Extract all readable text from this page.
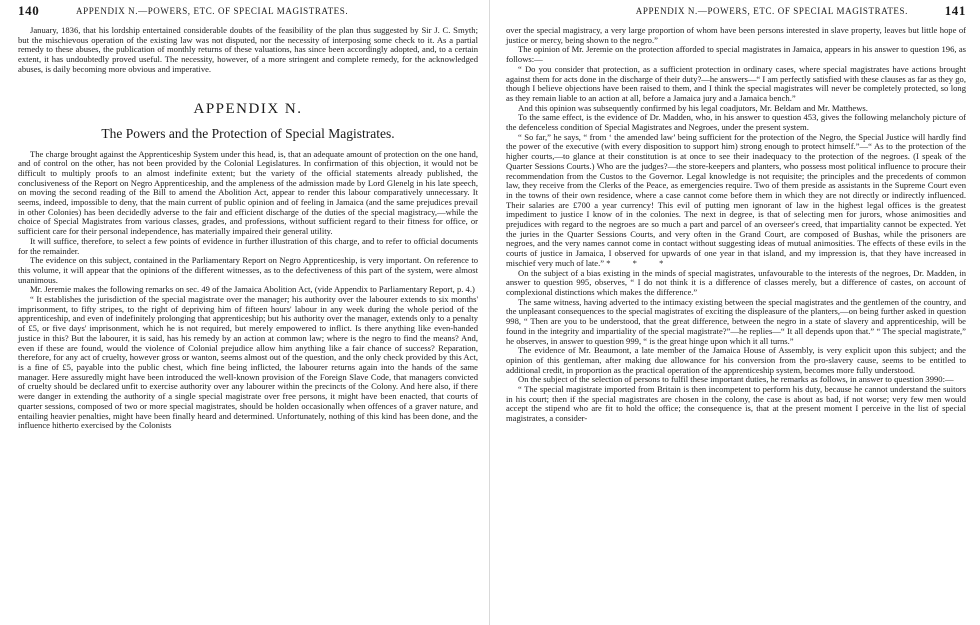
140	APPENDIX N.—POWERS, ETC. OF SPECIAL MAGISTRATES.

January, 1836, that his lordship entertained considerable doubts of the feasibility of the plan thus suggested by Sir J. C. Smyth; but the mischievous operation of the existing law was not disputed, nor the necessity of interposing some check to it. As a partial remedy to these abuses, the publication of monthly returns of these valuations, has since been accordingly adopted, and, to a certain extent, it has undoubtedly proved useful. The necessity, however, of a more stringent and complete remedy, for the acknowledged abuses, is daily becoming more obvious and imperative.

APPENDIX N.
The Powers and the Protection of Special Magistrates.

The charge brought against the Apprenticeship System under this head, is, that an adequate amount of protection on the one hand, and of control on the other, has not been provided by the Colonial Legislatures. In confirmation of this objection, it would not be difficult to multiply proofs to an almost indefinite extent; but the variety of the official statements already published, the conclusiveness of the Report on Negro Apprenticeship, and the ampleness of the admission made by Lord Glenelg in his late speech, on moving the second reading of the Bill to amend the Abolition Act, appear to render this labour comparatively unnecessary. It seems, indeed, impossible to deny, that the main current of public opinion and of feeling in Jamaica (and the same prejudices prevail in other Colonies) has been decidedly adverse to the fair and efficient discharge of the duties of the special magistracy,—while the choice of Special Magistrates from various classes, grades, and professions, without sufficient regard to their fitness for office, or sufficient care for their personal independence, has materially impaired their general utility.

It will suffice, therefore, to select a few points of evidence in further illustration of this charge, and to refer to official documents for the remainder.

The evidence on this subject, contained in the Parliamentary Report on Negro Apprenticeship, is very important. On reference to this volume, it will appear that the opinions of the different witnesses, as to the defectiveness of this part of the system, were almost unanimous.

Mr. Jeremie makes the following remarks on sec. 49 of the Jamaica Abolition Act, (vide Appendix to Parliamentary Report, p. 4.)

“ It establishes the jurisdiction of the special magistrate over the manager; his authority over the labourer extends to six months' imprisonment, to fifty stripes, to the right of depriving him of fifteen hours' labour in any week during the whole period of the apprenticeship, and even of indefinitely prolonging that apprenticeship; but his authority over the manager, extends only to a penalty of £5, or five days' imprisonment, which he is not required, but merely empowered to inflict. Is there anything like even-handed justice in this? But the labourer, it is said, has his remedy by an action at common law; where is the negro to find the means? And, even if these are found, would the violence of Colonial prejudice allow him anything like a fair chance of success? Reparation, therefore, for any act of cruelty, however gross or wanton, seems almost out of the question, and the only check provided by this Act, is a fine of £5, payable into the public chest, which fine being inflicted, the labourer returns again into the hands of the same manager. Here assuredly might have been introduced the well-known provision of the Foreign Slave Code, that managers convicted of cruelty should be declared unfit to exercise authority over any labourer within the precincts of the Colony. And here also, if there were danger in extending the authority of a single special magistrate over free persons, it might have been enacted, that courts of quarter sessions, composed of two or more special magistrates, should be holden occasionally when offences of a graver nature, and entailing heavier penalties, might have been finally heard and determined. Unfortunately, nothing of this kind has been done, and the influence hitherto exercised by the Colonists

APPENDIX N.—POWERS, ETC. OF SPECIAL MAGISTRATES.	141

over the special magistracy, a very large proportion of whom have been persons interested in slave property, leaves but little hope of justice or mercy, being shown to the negro.”

The opinion of Mr. Jeremie on the protection afforded to special magistrates in Jamaica, appears in his answer to question 196, as follows:—

“ Do you consider that protection, as a sufficient protection in ordinary cases, where special magistrates have actions brought against them for acts done in the discharge of their duty?—he answers—“ I am perfectly satisfied with these clauses as far as they go, though I believe objections have been raised to them, and I think the special magistrates will never be completely protected, so long as they remain liable to an action at all, before a Jamaica jury and a Jamaica bench.”

And this opinion was subsequently confirmed by his legal coadjutors, Mr. Beldam and Mr. Matthews.

To the same effect, is the evidence of Dr. Madden, who, in his answer to question 453, gives the following melancholy picture of the defenceless condition of Special Magistrates and Negroes, under the present system.

“ So far,” he says, “ from ‘ the amended law’ being sufficient for the protection of the Negro, the Special Justice will hardly find the power of the executive (with every disposition to support him) strong enough to protect himself.”—“ As to the protection of the higher courts,—to glance at their constitution is at once to see their inadequacy to the protection of the negroes. (I speak of the Quarter Sessions Courts.) Who are the judges?—the store-keepers and planters, who possess most political influence to procure their recommendation from the Custos to the Governor. Legal knowledge is not requisite; the principles and the precedents of common law, they receive from the Clerks of the Peace, as emergencies require. Two of them preside as assistants in the Supreme Court even in the towns of their own residence, where a case cannot come before them in which they are not directly or indirectly influenced. Their salaries are £700 a year currency! This evil of putting men ignorant of law in the highest legal offices is the greatest impediment to justice I know of in the colonies. The next in degree, is that of selecting men for jurors, whose animosities and prejudices with regard to the negroes are so much a part and parcel of an overseer's creed, that impartiality cannot be expected. Yet the juries in the Quarter Sessions Courts, and very often in the Grand Court, are composed of Bushas, while the prisoners are negroes, and the very names cannot come in contact without suggesting ideas of mutual animosities. The effects of these evils in the courts of justice in Jamaica, I observed for upwards of one year in that island, and my impression is, that they have increased in mischief very much of late.” * * *

On the subject of a bias existing in the minds of special magistrates, unfavourable to the interests of the negroes, Dr. Madden, in answer to question 995, observes, “ I do not think it is a difference of classes merely, but a difference of castes, on account of complexional distinctions which makes the difference.”

The same witness, having adverted to the intimacy existing between the special magistrates and the gentlemen of the country, and the unpleasant consequences to the special magistrates of exciting the displeasure of the planters,—on being further asked in question 998, “ Then are you to be understood, that the great difference, between the negro in a state of slavery and apprenticeship, will be found in the integrity and impartiality of the special magistrate?”—he replies—“ It all depends upon that.” “ The special magistrate,” he observes, in answer to question 999, “ is the great hinge upon which it all turns.”

The evidence of Mr. Beaumont, a late member of the Jamaica House of Assembly, is very explicit upon this subject; and the opinion of this gentleman, after making due allowance for his conversion from the pro-slavery cause, seems to be entitled to additional credit, in proportion as the practical operation of the apprenticeship system, becomes more fully understood.

On the subject of the selection of persons to fulfil these important duties, he remarks as follows, in answer to question 3990:—

“ The special magistrate imported from Britain is then incompetent to perform his duty, because he cannot understand the suitors in his court; then if the special magistrates are chosen in the colony, the case is about as bad, if not worse; very few men would accept the stipend who are fit to hold the office; the consequence is, that at the present moment I perceive in the list of special magistrates, a consider-
